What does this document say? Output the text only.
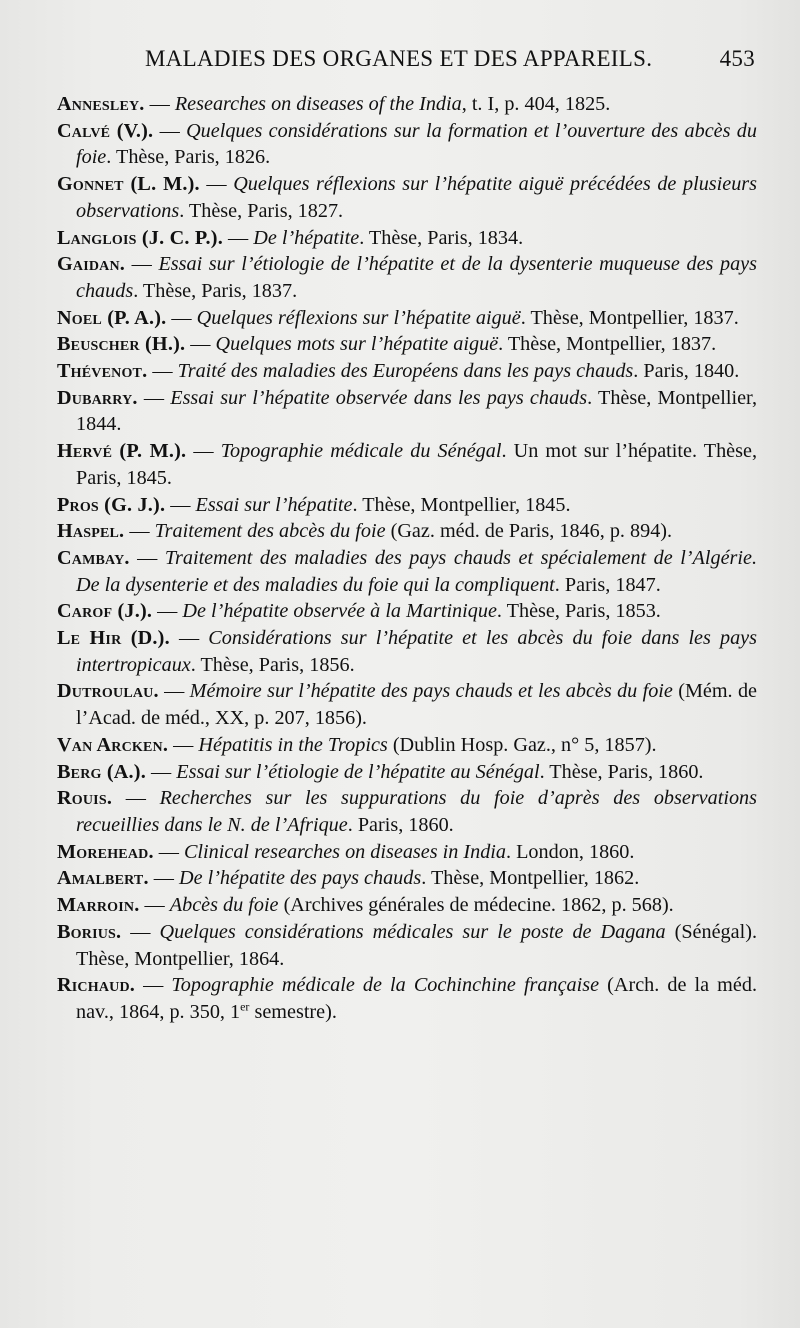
MALADIES DES ORGANES ET DES APPAREILS.	453
Annesley. — Researches on diseases of the India, t. I, p. 404, 1825.
Calvé (V.). — Quelques considérations sur la formation et l’ouverture des abcès du foie. Thèse, Paris, 1826.
Gonnet (L. M.). — Quelques réflexions sur l’hépatite aiguë précédées de plusieurs observations. Thèse, Paris, 1827.
Langlois (J. C. P.). — De l’hépatite. Thèse, Paris, 1834.
Gaidan. — Essai sur l’étiologie de l’hépatite et de la dysenterie muqueuse des pays chauds. Thèse, Paris, 1837.
Noel (P. A.). — Quelques réflexions sur l’hépatite aiguë. Thèse, Montpellier, 1837.
Beuscher (H.). — Quelques mots sur l’hépatite aiguë. Thèse, Montpellier, 1837.
Thévenot. — Traité des maladies des Européens dans les pays chauds. Paris, 1840.
Dubarry. — Essai sur l’hépatite observée dans les pays chauds. Thèse, Montpellier, 1844.
Hervé (P. M.). — Topographie médicale du Sénégal. Un mot sur l’hépatite. Thèse, Paris, 1845.
Pros (G. J.). — Essai sur l’hépatite. Thèse, Montpellier, 1845.
Haspel. — Traitement des abcès du foie (Gaz. méd. de Paris, 1846, p. 894).
Cambay. — Traitement des maladies des pays chauds et spécialement de l’Algérie. De la dysenterie et des maladies du foie qui la compliquent. Paris, 1847.
Carof (J.). — De l’hépatite observée à la Martinique. Thèse, Paris, 1853.
Le Hir (D.). — Considérations sur l’hépatite et les abcès du foie dans les pays intertropicaux. Thèse, Paris, 1856.
Dutroulau. — Mémoire sur l’hépatite des pays chauds et les abcès du foie (Mém. de l’Acad. de méd., XX, p. 207, 1856).
Van Arcken. — Hépatitis in the Tropics (Dublin Hosp. Gaz., n° 5, 1857).
Berg (A.). — Essai sur l’étiologie de l’hépatite au Sénégal. Thèse, Paris, 1860.
Rouis. — Recherches sur les suppurations du foie d’après des observations recueillies dans le N. de l’Afrique. Paris, 1860.
Morehead. — Clinical researches on diseases in India. London, 1860.
Amalbert. — De l’hépatite des pays chauds. Thèse, Montpellier, 1862.
Marroin. — Abcès du foie (Archives générales de médecine. 1862, p. 568).
Borius. — Quelques considérations médicales sur le poste de Dagana (Sénégal). Thèse, Montpellier, 1864.
Richaud. — Topographie médicale de la Cochinchine française (Arch. de la méd. nav., 1864, p. 350, 1er semestre).
